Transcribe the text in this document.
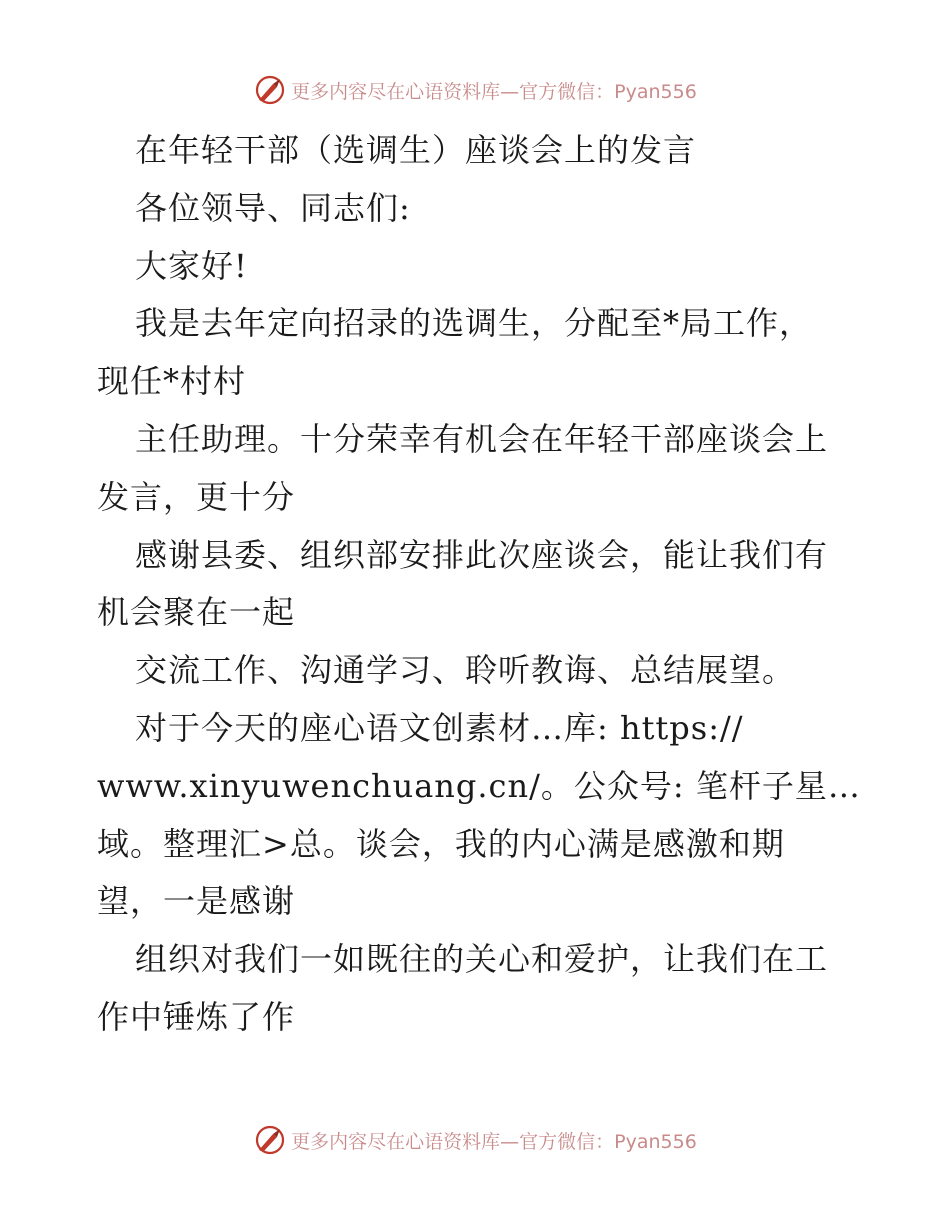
更多内容尽在心语资料库—官方微信：Pyan556
在年轻干部（选调生）座谈会上的发言
各位领导、同志们:
大家好!
我是去年定向招录的选调生，分配至*局工作，
现任*村村
主任助理。十分荣幸有机会在年轻干部座谈会上
发言，更十分
感谢县委、组织部安排此次座谈会，能让我们有
机会聚在一起
交流工作、沟通学习、聆听教诲、总结展望。
对于今天的座心语文创素材…库: https://
www.xinyuwenchuang.cn/。公众号: 笔杆子星…
域。整理汇>总。谈会，我的内心满是感激和期
望，一是感谢
组织对我们一如既往的关心和爱护，让我们在工
作中锤炼了作
更多内容尽在心语资料库—官方微信：Pyan556
